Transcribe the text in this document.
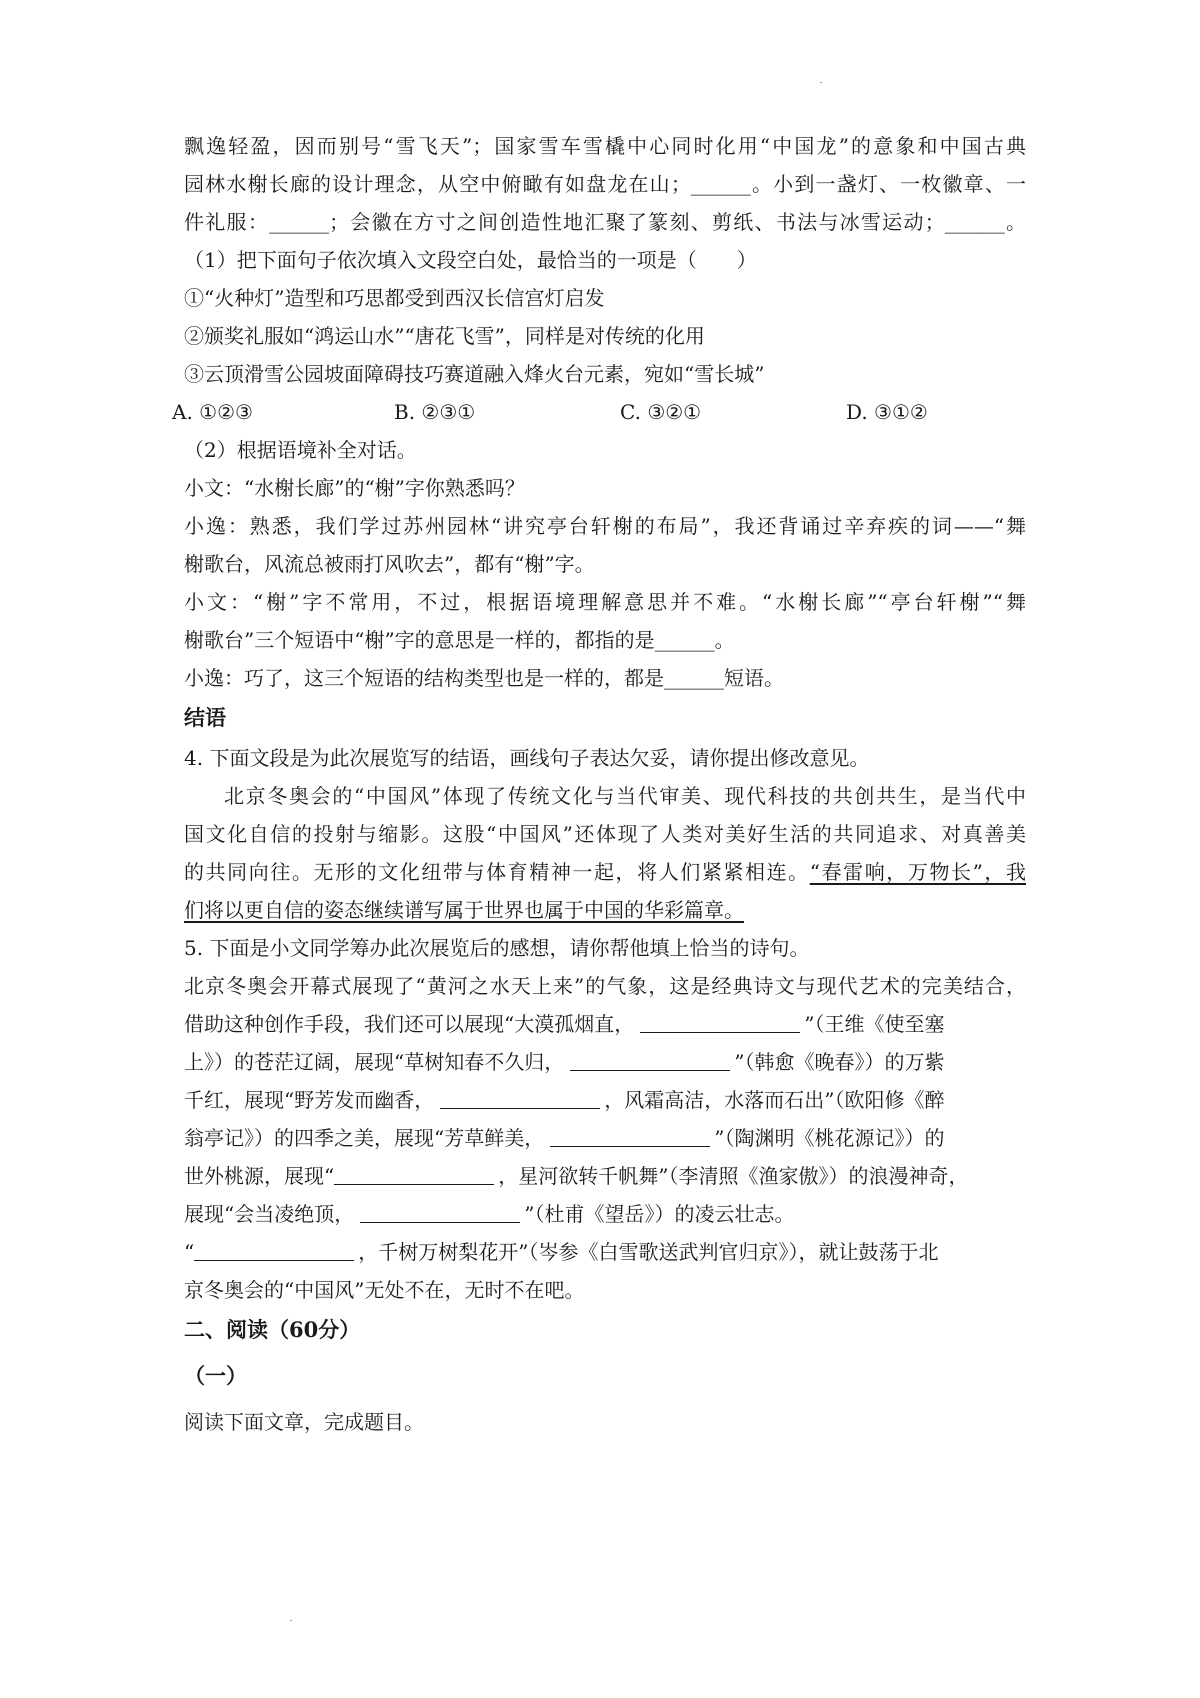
飘逸轻盈，因而别号“雪飞天”；国家雪车雪橇中心同时化用“中国龙”的意象和中国古典
园林水榭长廊的设计理念，从空中俯瞰有如盘龙在山；______。小到一盏灯、一枚徽章、一
件礼服：______；会徽在方寸之间创造性地汇聚了篆刻、剪纸、书法与冰雪运动；______。
（1）把下面句子依次填入文段空白处，最恰当的一项是（　　）
①“火种灯”造型和巧思都受到西汉长信宫灯启发
②颁奖礼服如“鸿运山水”“唐花飞雪”，同样是对传统的化用
③云顶滑雪公园坡面障碍技巧赛道融入烽火台元素，宛如“雪长城”
A. ①②③	B. ②③①	C. ③②①	D. ③①②
（2）根据语境补全对话。
小文：“水榭长廊”的“榭”字你熟悉吗？
小逸：熟悉，我们学过苏州园林“讲究亭台轩榭的布局”，我还背诵过辛弃疾的词——“舞
榭歌台，风流总被雨打风吹去”，都有“榭”字。
小文：“榭”字不常用，不过，根据语境理解意思并不难。“水榭长廊”“亭台轩榭”“舞
榭歌台”三个短语中“榭”字的意思是一样的，都指的是______。
小逸：巧了，这三个短语的结构类型也是一样的，都是______短语。
结语
4. 下面文段是为此次展览写的结语，画线句子表达欠妥，请你提出修改意见。
北京冬奥会的“中国风”体现了传统文化与当代审美、现代科技的共创共生，是当代中
国文化自信的投射与缩影。这股“中国风”还体现了人类对美好生活的共同追求、对真善美
的共同向往。无形的文化纽带与体育精神一起，将人们紧紧相连。“春雷响，万物长”，我
们将以更自信的姿态继续谱写属于世界也属于中国的华彩篇章。
5. 下面是小文同学筹办此次展览后的感想，请你帮他填上恰当的诗句。
北京冬奥会开幕式展现了“黄河之水天上来”的气象，这是经典诗文与现代艺术的完美结合，
借助这种创作手段，我们还可以展现“大漠孤烟直，	”（王维《使至塞
上》）的苍茫辽阔，展现“草树知春不久归，	”（韩愈《晚春》）的万紫
千红，展现“野芳发而幽香，	，风霜高洁，水落而石出”（欧阳修《醉
翁亭记》）的四季之美，展现“芳草鲜美，	”（陶渊明《桃花源记》）的
世外桃源，展现“	，星河欲转千帆舞”（李清照《渔家傲》）的浪漫神奇，
展现“会当凌绝顶，	”（杜甫《望岳》）的凌云壮志。
“	，千树万树梨花开”（岑参《白雪歌送武判官归京》），就让鼓荡于北
京冬奥会的“中国风”无处不在，无时不在吧。
二、阅读（60分）
（一）
阅读下面文章，完成题目。
